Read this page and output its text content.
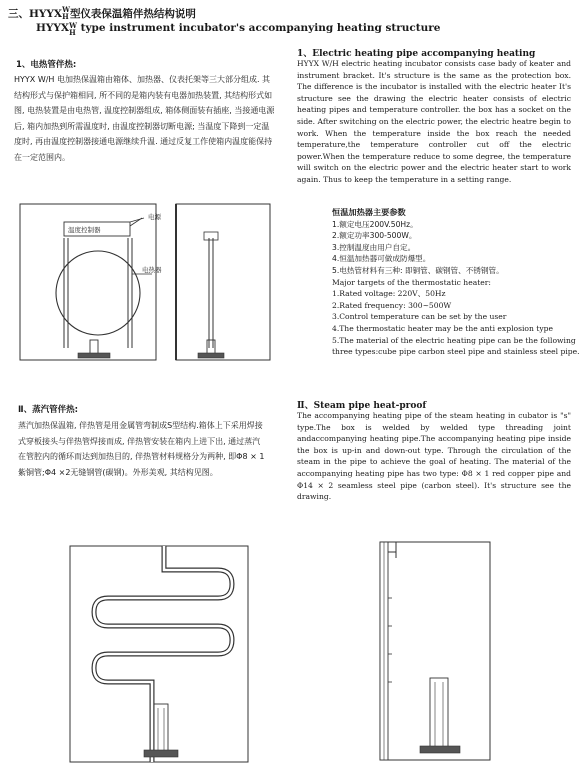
三、HYYXW
H型仪表保温箱伴热结构说明
HYYXW
H type instrument incubator's accompanying heating structure
1、电热管伴热:
HYYX W/H 电加热保温箱由箱体、加热器、仪表托架等三大部分组成. 其结构形式与保护箱相同, 所不同的是箱内装有电器加热装置, 其结构形式如图, 电热装置是由电热管, 温度控制器组成, 箱体侧面装有插座, 当接通电源后, 箱内加热到所需温度时, 由温度控制器切断电源; 当温度下降到一定温度时, 再由温度控制器接通电源继续升温. 通过反复工作使箱内温度能保持在一定范围内。
1、Electric heating pipe accompanying heating
HYYX W/H electric heating incubator consists case bady of keater and instrument bracket. It's structure is the same as the protection box. The difference is the incubator is installed with the electric heater It's structure see the drawing the electric heater consists of electric heating pipes and temperature controller. the box has a socket on the side. After switching on the electric power, the electric heatre begin to work. When the temperature inside the box reach the needed temperature,the temperature controller cut off the electric power.When the temperature reduce to some degree, the temperature will switch on the electric power and the electric heater start to work again. Thus to keep the temperature in a setting range.
温度控制器
电源
电热器
恒温加热器主要参数
1.额定电压200V.50Hz。
2.额定功率300-500W。
3.控制温度由用户自定。
4.恒温加热器可做成防爆型。
5.电热管材料有三种: 即铜管、碳钢管、不锈钢管。
Major targets of the thermostatic heater:
1.Rated voltage: 220V、50Hz
2.Rated frequency: 300~500W
3.Control temperature can be set by the user
4.The thermostatic heater may be the anti explosion type
5.The material of the electric heating pipe can be the following
three types:cube pipe carbon steel pipe and stainless steel pipe.
Ⅱ、蒸汽管伴热:
蒸汽加热保温箱, 伴热管是用金属管弯制成S型结构.箱体上下采用焊接式穿板接头与伴热管焊接而成, 伴热管安装在箱内上进下出, 通过蒸汽在管腔内的循环而达到加热目的, 伴热管材料规格分为两种, 即Φ8 × 1紫铜管;Φ4 ×2无缝钢管(碳钢)。外形美观, 其结构见图。
Ⅱ、Steam pipe heat-proof
The accompanying heating pipe of the steam heating in cubator is "s" type.The box is welded by welded type threading joint andaccompanying heating pipe.The accompanying heating pipe inside the box is up-in and down-out type. Through the circulation of the steam in the pipe to achieve the goal of heating. The material of the accompanying heating pipe has two type: Φ8 × 1 red copper pipe and Φ14 × 2 seamless steel pipe (carbon steel). It's structure see the drawing.
